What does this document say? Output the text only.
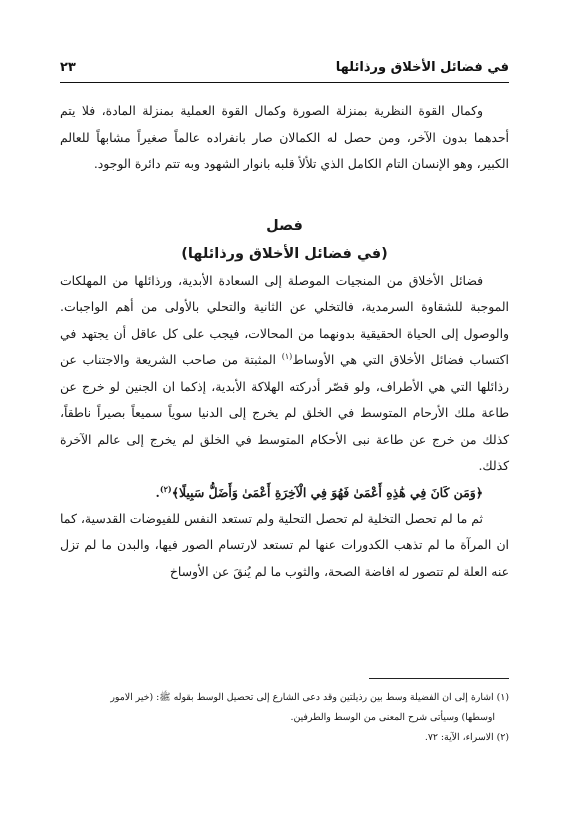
في فضائل الأخلاق ورذائلها
٢٣

وكمال القوة النظرية بمنزلة الصورة وكمال القوة العملية بمنزلة المادة، فلا يتم أحدهما بدون الآخر، ومن حصل له الكمالان صار بانفراده عالماً صغيراً مشابهاً للعالم الكبير، وهو الإنسان التام الكامل الذي تلألأ قلبه بانوار الشهود وبه تتم دائرة الوجود.

فصل
(في فضائل الأخلاق ورذائلها)

فضائل الأخلاق من المنجيات الموصلة إلى السعادة الأبدية، ورذائلها من المهلكات الموجبة للشقاوة السرمدية، فالتخلي عن الثانية والتحلي بالأولى من أهم الواجبات. والوصول إلى الحياة الحقيقية بدونهما من المحالات، فيجب على كل عاقل أن يجتهد في اكتساب فضائل الأخلاق التي هي الأوساط$^{(١)}$ المثبتة من صاحب الشريعة والاجتناب عن رذائلها التي هي الأطراف، ولو قصّر أدركته الهلاكة الأبدية، إذكما ان الجنين لو خرج عن طاعة ملك الأرحام المتوسط في الخلق لم يخرج إلى الدنيا سوياً سميعاً بصيراً ناطقاً، كذلك من خرج عن طاعة نبى الأحكام المتوسط في الخلق لم يخرج إلى عالم الآخرة كذلك.

﴿وَمَن كَانَ فِي هَٰذِهِ أَعْمَىٰ فَهُوَ فِي الْآخِرَةِ أَعْمَىٰ وَأَضَلُّ سَبِيلًا﴾$^{(٢)}$.

ثم ما لم تحصل التخلية لم تحصل التحلية ولم تستعد النفس للفيوضات القدسية، كما ان المرآة ما لم تذهب الكدورات عنها لم تستعد لارتسام الصور فيها، والبدن ما لم تزل عنه العلة لم تتصور له افاضة الصحة، والثوب ما لم يُنقَ عن الأوساخ

(١) اشارة إلى ان الفضيلة وسط بين رذيلتين وقد دعى الشارع إلى تحصيل الوسط بقوله ﷺ: (خير الامور

اوسطها) وسيأتى شرح المعنى من الوسط والطرفين.

(٢) الاسراء، الآية: ٧٢.
